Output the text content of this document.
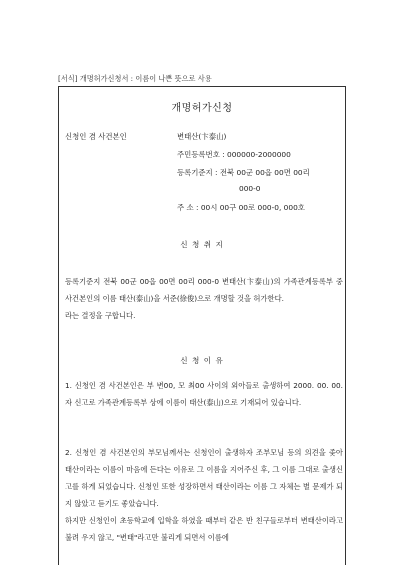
[서식] 개명허가신청서 : 이름이 나쁜 뜻으로 사용
개명허가신청
신청인 겸 사건본인	변태산(卞泰山)
주민등록번호 : 000000-2000000
등록기준지 : 전북 00군 00읍 00면 00리
000-0
주 소 : 00시 00구 00로 000-0, 000호
신 청 취 지
등록기준지 전북 00군 00읍 00면 00리 000-0 변태산(卞泰山)의 가족관계등록부 중 사건본인의 이름 태산(泰山)을 서준(徐俊)으로 개명할 것을 허가한다.
라는 결정을 구합니다.
신 청 이 유
1. 신청인 겸 사건본인은 부 변00, 모 최00 사이의 외아들로 출생하여 2000. 00. 00.자 신고로 가족관계등록부 상에 이름이 태산(泰山)으로 기재되어 있습니다.
2. 신청인 겸 사건본인의 부모님께서는 신청인이 출생하자 조부모님 등의 의견을 좇아 태산이라는 이름이 마음에 든다는 이유로 그 이름을 지어주신 후, 그 이름 그대로 출생신고를 하게 되었습니다. 신청인 또한 성장하면서 태산이라는 이름 그 자체는 별 문제가 되지 않았고 듣기도 좋았습니다.
하지만 신청인이 초등학교에 입학을 하였을 때부터 같은 반 친구들로부터 변태산이라고 불려 우지 않고, "변태"라고만 불리게 되면서 이름에
